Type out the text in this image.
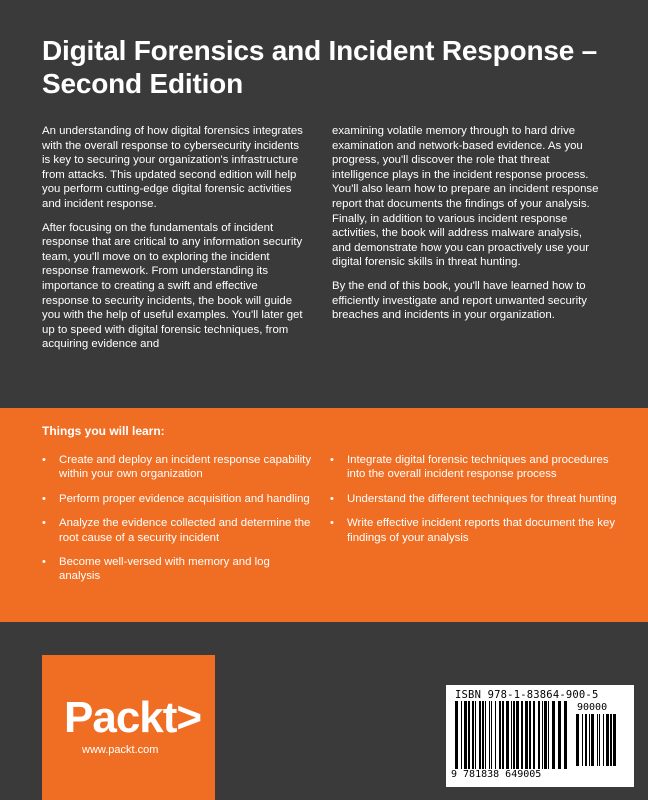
Digital Forensics and Incident Response – Second Edition

An understanding of how digital forensics integrates with the overall response to cybersecurity incidents is key to securing your organization's infrastructure from attacks. This updated second edition will help you perform cutting-edge digital forensic activities and incident response.

After focusing on the fundamentals of incident response that are critical to any information security team, you'll move on to exploring the incident response framework. From understanding its importance to creating a swift and effective response to security incidents, the book will guide you with the help of useful examples. You'll later get up to speed with digital forensic techniques, from acquiring evidence and

examining volatile memory through to hard drive examination and network-based evidence. As you progress, you'll discover the role that threat intelligence plays in the incident response process. You'll also learn how to prepare an incident response report that documents the findings of your analysis. Finally, in addition to various incident response activities, the book will address malware analysis, and demonstrate how you can proactively use your digital forensic skills in threat hunting.

By the end of this book, you'll have learned how to efficiently investigate and report unwanted security breaches and incidents in your organization.

Things you will learn:
• Create and deploy an incident response capability within your own organization
• Perform proper evidence acquisition and handling
• Analyze the evidence collected and determine the root cause of a security incident
• Become well-versed with memory and log analysis
• Integrate digital forensic techniques and procedures into the overall incident response process
• Understand the different techniques for threat hunting
• Write effective incident reports that document the key findings of your analysis
Packt>
www.packt.com
ISBN 978-1-83864-900-5
90000
9 781838 649005
